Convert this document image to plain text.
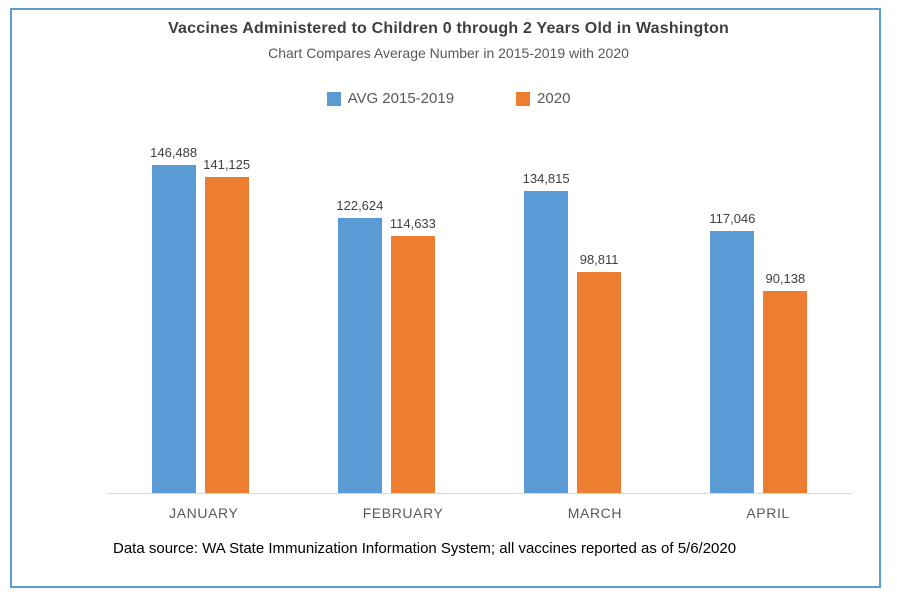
Vaccines Administered to Children 0 through 2 Years Old in Washington
Chart Compares Average Number in 2015-2019 with 2020
AVG 2015-2019	2020
146,488
141,125
122,624
114,633
134,815
98,811
117,046
90,138
JANUARY	FEBRUARY	MARCH	APRIL
Data source: WA State Immunization Information System; all vaccines reported as of 5/6/2020
